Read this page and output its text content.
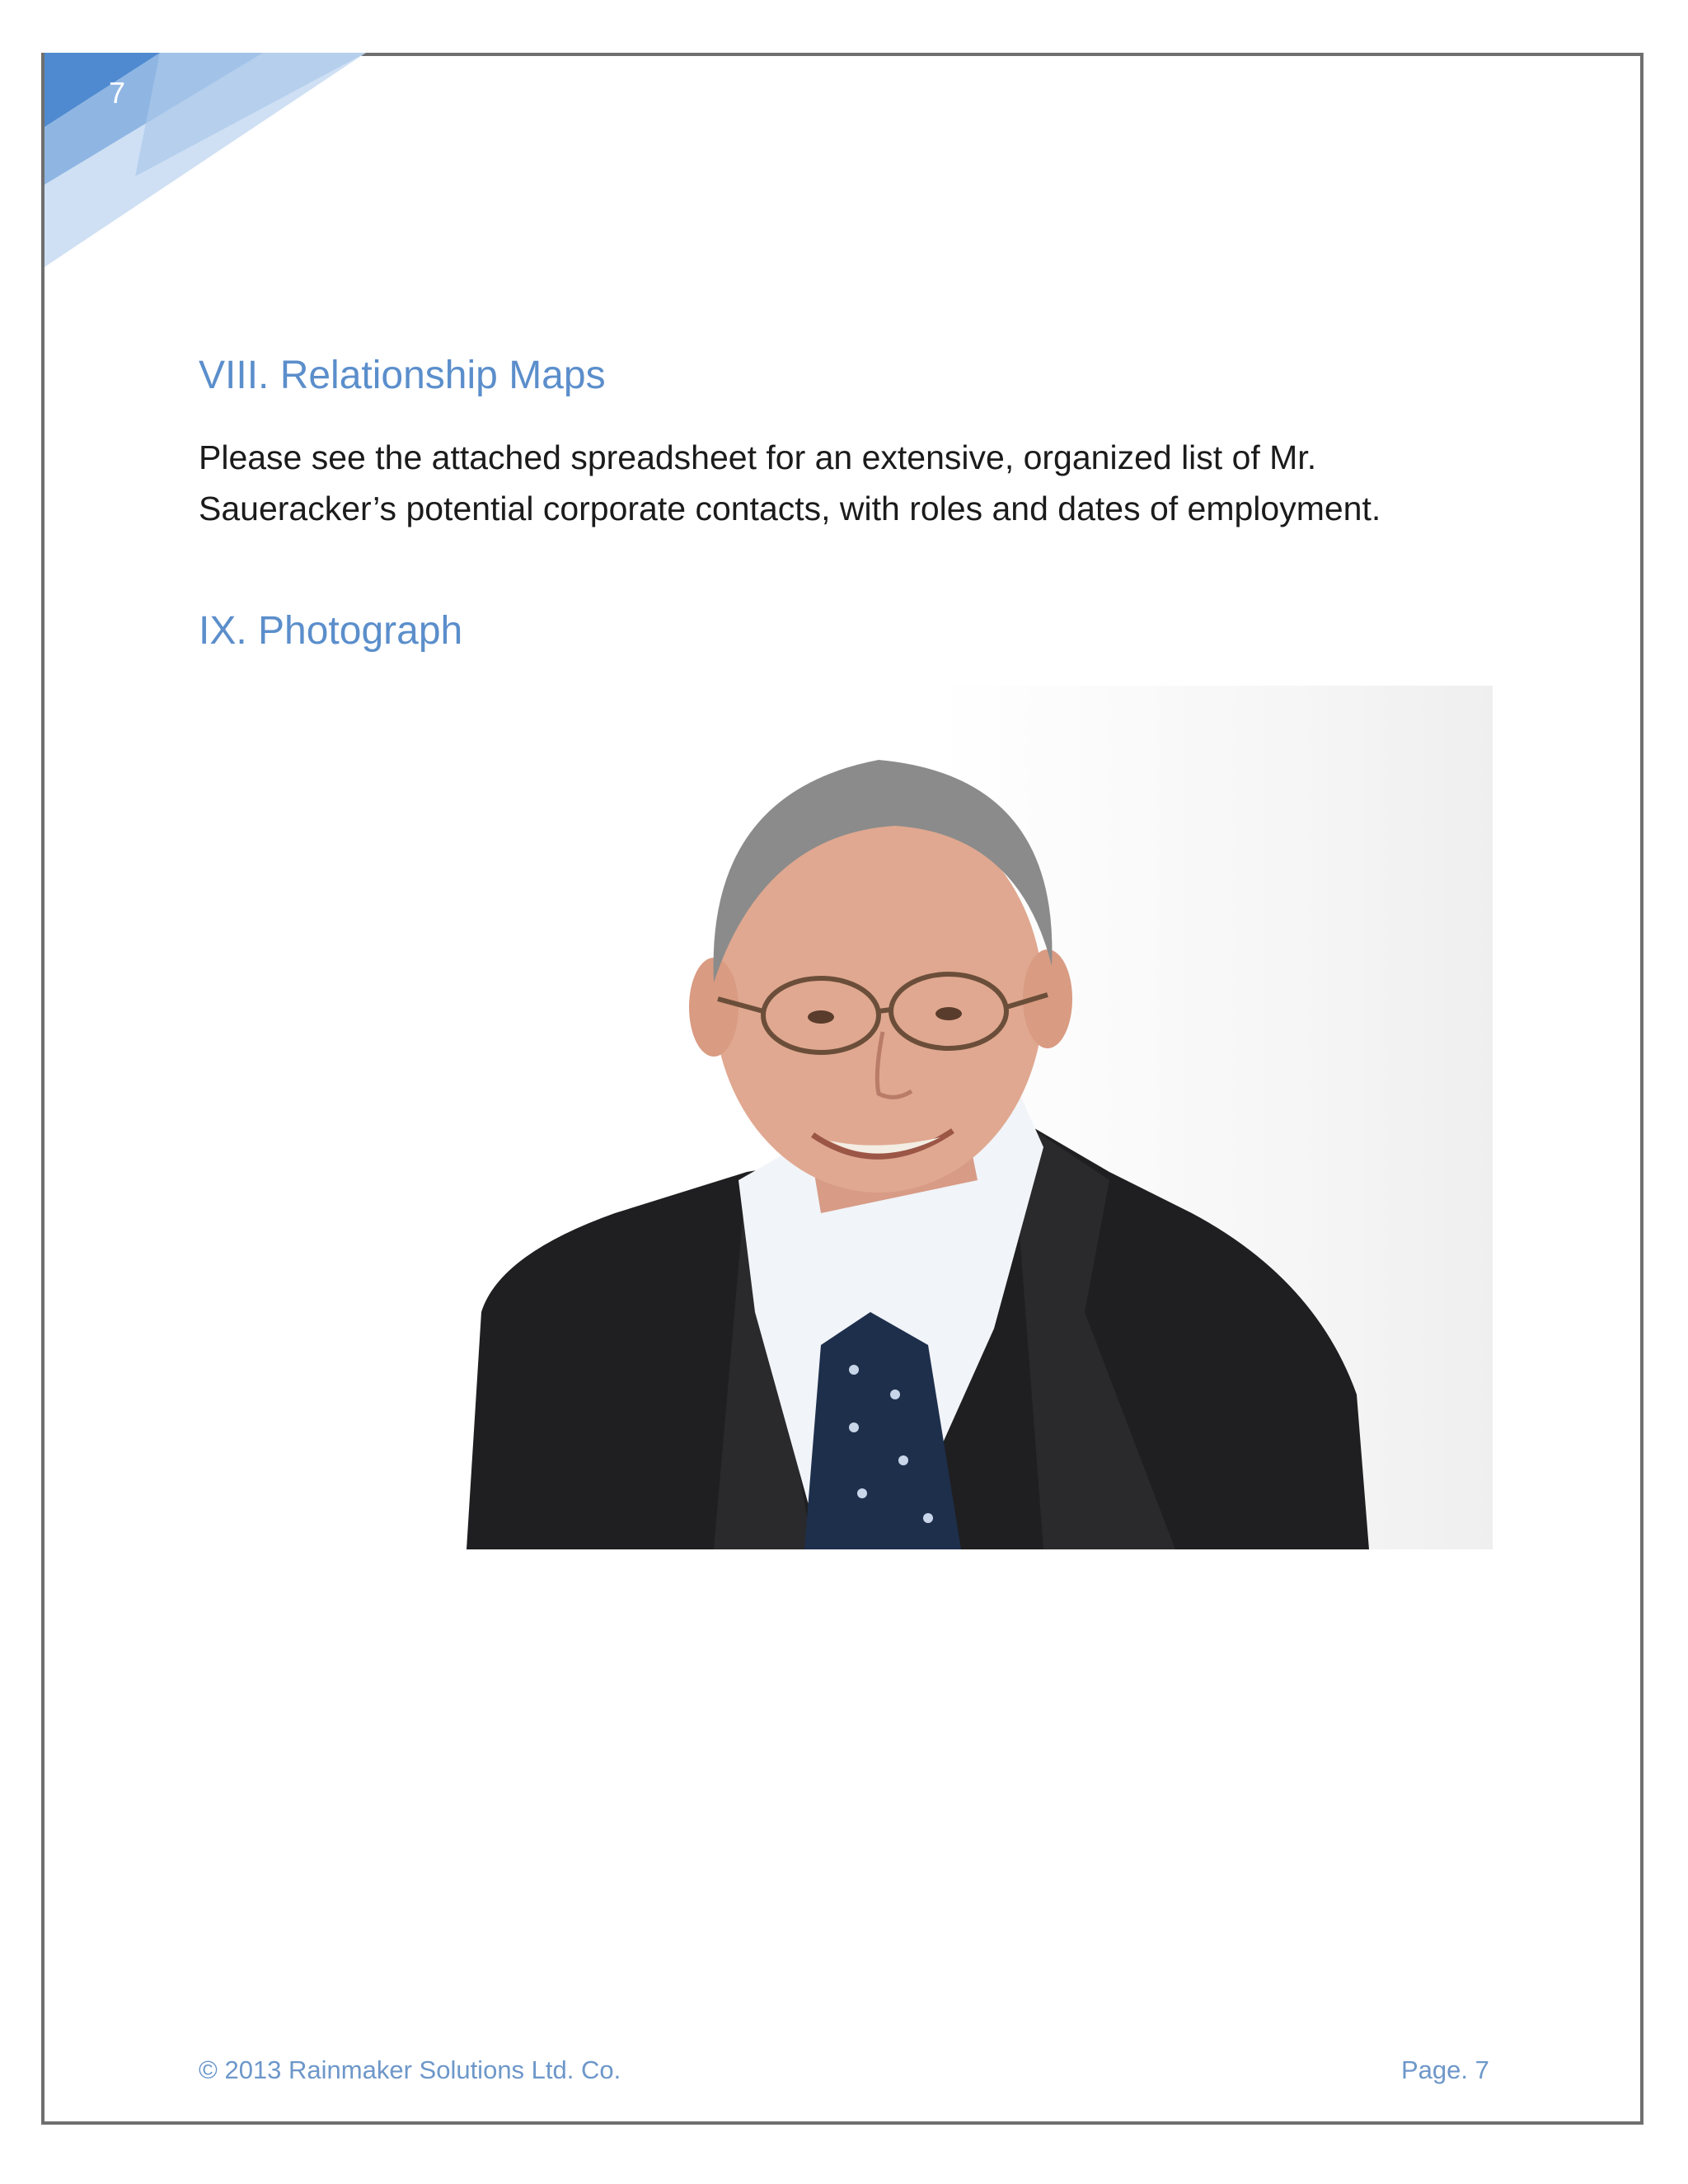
7
VIII. Relationship Maps

Please see the attached spreadsheet for an extensive, organized list of Mr.
Saueracker’s potential corporate contacts, with roles and dates of employment.

IX. Photograph
© 2013 Rainmaker Solutions Ltd. Co.	Page. 7
